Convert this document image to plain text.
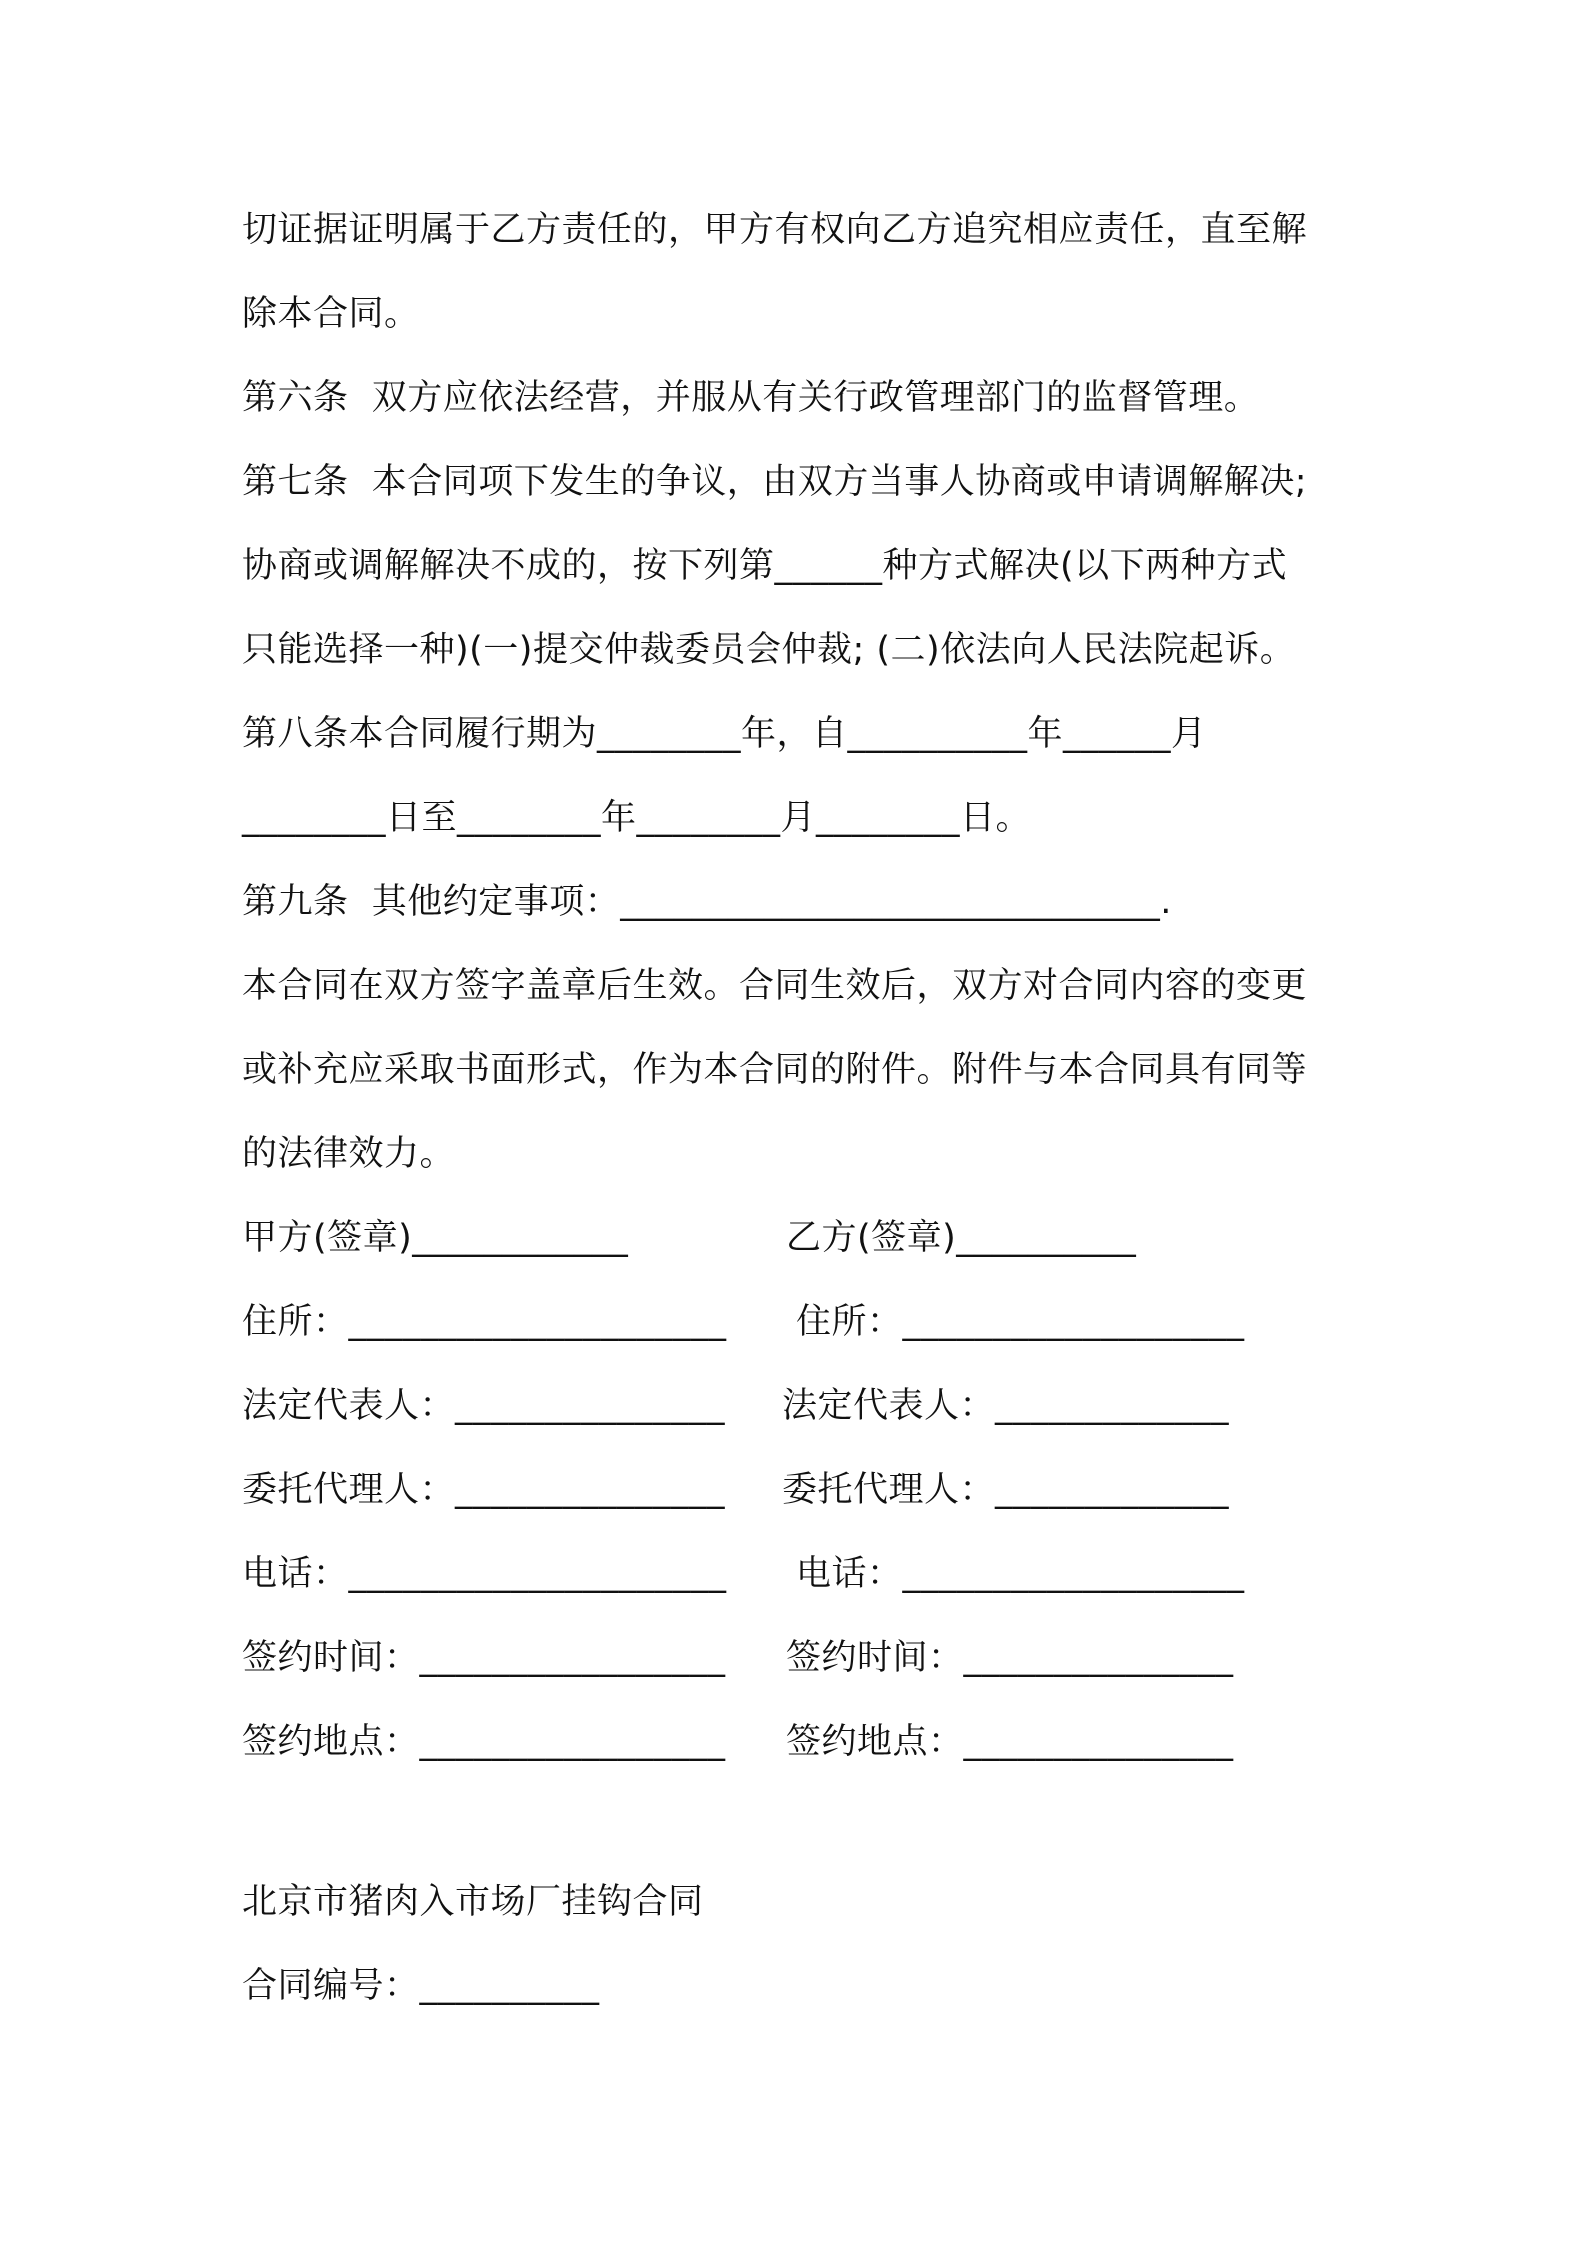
切证据证明属于乙方责任的，甲方有权向乙方追究相应责任，直至解
除本合同。
第六条  双方应依法经营，并服从有关行政管理部门的监督管理。
第七条  本合同项下发生的争议，由双方当事人协商或申请调解解决;
协商或调解解决不成的，按下列第______种方式解决(以下两种方式
只能选择一种)(一)提交仲裁委员会仲裁; (二)依法向人民法院起诉。
第八条本合同履行期为________年，自__________年______月
________日至________年________月________日。
第九条  其他约定事项：______________________________.
本合同在双方签字盖章后生效。合同生效后，双方对合同内容的变更
或补充应采取书面形式，作为本合同的附件。附件与本合同具有同等
的法律效力。
甲方(签章)____________
住所：_____________________
法定代表人：_______________
委托代理人：_______________
电话：_____________________
签约时间：_________________
签约地点：_________________
乙方(签章)__________
住所：___________________
法定代表人：_____________
委托代理人：_____________
电话：___________________
签约时间：_______________
签约地点：_______________
北京市猪肉入市场厂挂钩合同
合同编号：__________
